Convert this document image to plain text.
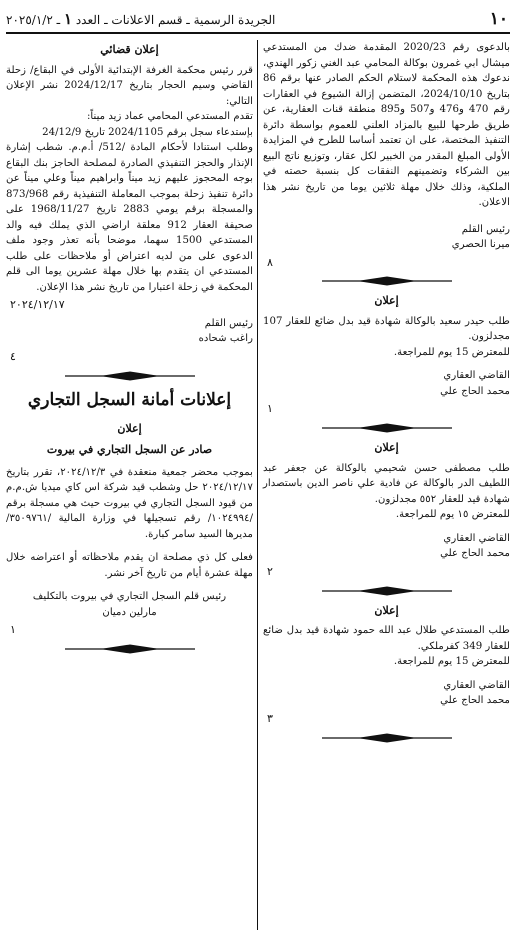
١٠
الجريدة الرسمية ـ قسم الاعلانات ـ العدد ١ ـ ٢٠٢٥/١/٢

بالدعوى رقم 2020/23 المقدمة ضدك من المستدعي ميشال ابي غمرون بوكالة المحامي عبد الغني زكور الهندي، ندعوك هذه المحكمة لاستلام الحكم الصادر عنها برقم 86 بتاريخ 2024/10/10، المتضمن إزالة الشيوع في العقارات رقم 470 و476 و507 و895 منطقة قنات العقارية، عن طريق طرحها للبيع بالمزاد العلني للعموم بواسطة دائرة التنفيذ المختصة، على ان تعتمد أساسا للطرح في المزايدة الأولى المبلغ المقدر من الخبير لكل عقار، وتوزيع ناتج البيع بين الشركاء وتضمينهم النفقات كل بنسبة حصته في الملكية، وذلك خلال مهلة ثلاثين يوما من تاريخ نشر هذا الاعلان.

رئيس القلم

ميرنا الحصري

٨

إعلان

طلب حيدر سعيد بالوكالة شهادة قيد بدل ضائع للعقار 107 مجدلزون.

للمعترض 15 يوم للمراجعة.

القاضي العقاري

محمد الحاج علي

١

إعلان

طلب مصطفى حسن شحيمي بالوكالة عن جعفر عبد اللطيف الدر بالوكالة عن فادية علي ناصر الدين باستصدار شهادة قيد للعقار ٥٥٢ مجدلزون.

للمعترض ١٥ يوم للمراجعة.

القاضي العقاري

محمد الحاج علي

٢

إعلان

طلب المستدعي طلال عبد الله حمود شهادة قيد بدل ضائع للعقار 349 كفرملكي.

للمعترض 15 يوم للمراجعة.

القاضي العقاري

محمد الحاج علي

٣

إعلان قضائي

قرر رئيس محكمة الغرفة الإبتدائية الأولى في البقاع/ زحلة القاضي وسيم الحجار بتاريخ 2024/12/17 نشر الإعلان التالي:

تقدم المستدعي المحامي عماد زيد ميناً:

بإستدعاء سجل برقم 2024/1105 تاريخ 24/12/9

وطلب استنادا لأحكام المادة /512/ أ.م.م. شطب إشارة الإنذار والحجز التنفيذي الصادرة لمصلحة الحاجز بنك البقاع بوجه المحجوز عليهم زيد ميناً وابراهيم ميناً وعلي ميناً عن دائرة تنفيذ زحلة بموجب المعاملة التنفيذية رقم 873/968 والمسجلة برقم يومي 2883 تاريخ 1968/11/27 على صحيفة العقار 912 معلقة اراضي الذي يملك فيه والد المستدعي 1500 سهما، موضحا بأنه تعذر وجود ملف الدعوى على من لديه اعتراض أو ملاحظات على طلب المستدعي ان يتقدم بها خلال مهلة عشرين يوما الى قلم المحكمة في زحلة اعتبارا من تاريخ نشر هذا الإعلان.

٢٠٢٤/١٢/١٧

رئيس القلم

راغب شحاده

٤

إعلانات أمانة السجل التجاري

إعلان

صادر عن السجل التجاري في بيروت

بموجب محضر جمعية منعقدة في ٢٠٢٤/١٢/٣، تقرر بتاريخ ٢٠٢٤/١٢/١٧ حل وشطب قيد شركة اس كاي ميديا ش.م.م من قيود السجل التجاري في بيروت حيث هي مسجلة برقم /١٠٢٤٩٩٤/ رقم تسجيلها في وزارة المالية /٣٥٠٩٧٦١/ مديرها السيد سامر كبارة.

فعلى كل ذي مصلحة ان يقدم ملاحظاته أو اعتراضه خلال مهلة عشرة أيام من تاريخ آخر نشر.

رئيس قلم السجل التجاري في بيروت بالتكليف

مارلين دميان

١
